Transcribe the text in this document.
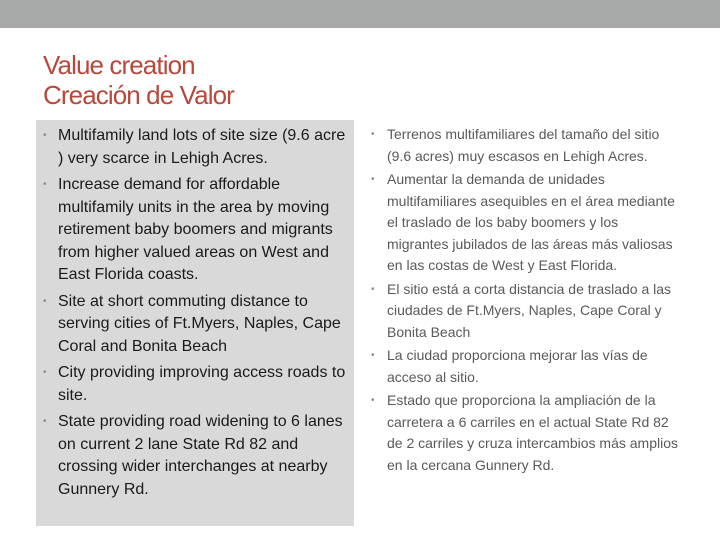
Value creation
Creación de Valor
• Multifamily land lots of site size (9.6 acre ) very scarce in Lehigh Acres.
• Increase demand for affordable multifamily units in the area by moving retirement baby boomers and migrants from higher valued areas on West and East Florida coasts.
• Site at short commuting distance to serving cities of Ft.Myers, Naples, Cape Coral and Bonita Beach
• City providing improving access roads to site.
• State providing road widening to 6 lanes on current 2 lane State Rd 82 and crossing wider interchanges at nearby Gunnery Rd.
• Terrenos multifamiliares del tamaño del sitio (9.6 acres) muy escasos en Lehigh Acres.
• Aumentar la demanda de unidades multifamiliares asequibles en el área mediante el traslado de los baby boomers y los migrantes jubilados de las áreas más valiosas en las costas de West y East Florida.
• El sitio está a corta distancia de traslado a las ciudades de Ft.Myers, Naples, Cape Coral y Bonita Beach
• La ciudad proporciona mejorar las vías de acceso al sitio.
• Estado que proporciona la ampliación de la carretera a 6 carriles en el actual State Rd 82 de 2 carriles y cruza intercambios más amplios en la cercana Gunnery Rd.
